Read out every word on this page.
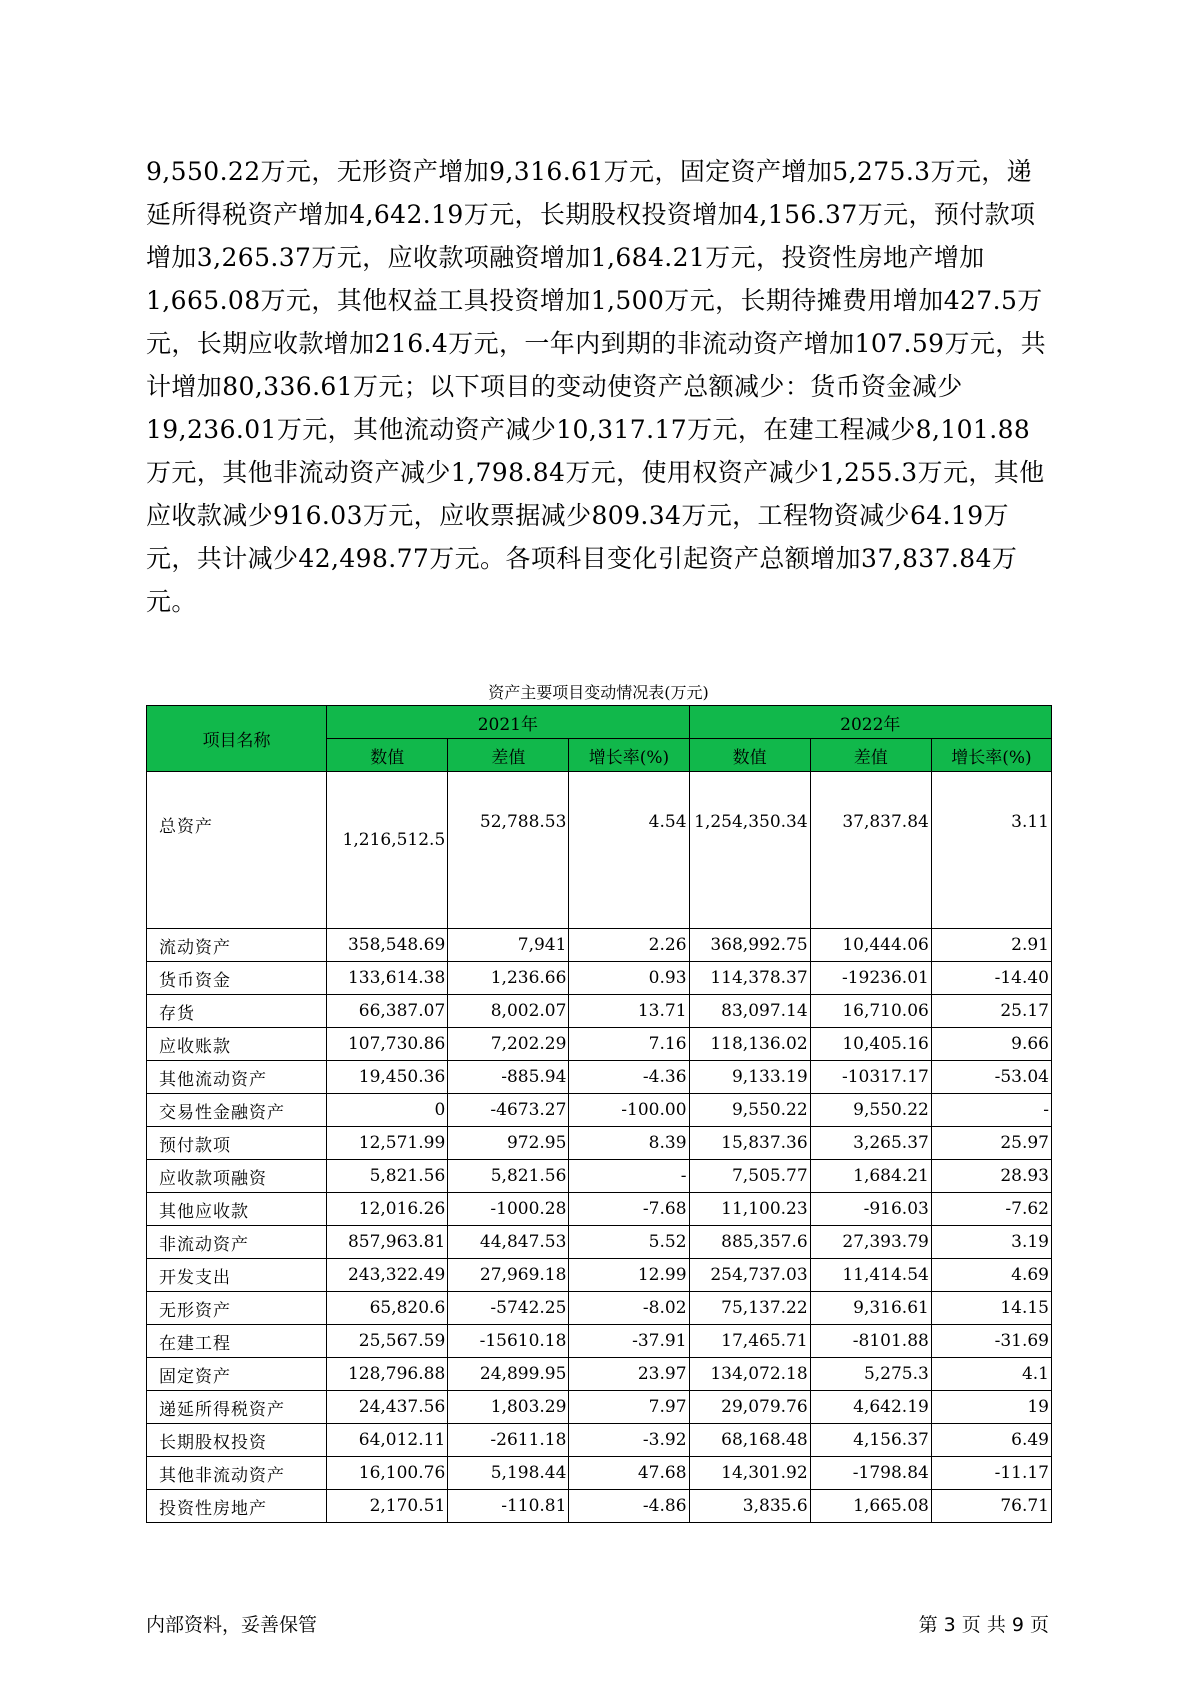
9,550.22万元，无形资产增加9,316.61万元，固定资产增加5,275.3万元，递延所得税资产增加4,642.19万元，长期股权投资增加4,156.37万元，预付款项增加3,265.37万元，应收款项融资增加1,684.21万元，投资性房地产增加1,665.08万元，其他权益工具投资增加1,500万元，长期待摊费用增加427.5万元，长期应收款增加216.4万元，一年内到期的非流动资产增加107.59万元，共计增加80,336.61万元；以下项目的变动使资产总额减少：货币资金减少19,236.01万元，其他流动资产减少10,317.17万元，在建工程减少8,101.88万元，其他非流动资产减少1,798.84万元，使用权资产减少1,255.3万元，其他应收款减少916.03万元，应收票据减少809.34万元，工程物资减少64.19万元，共计减少42,498.77万元。各项科目变化引起资产总额增加37,837.84万元。

资产主要项目变动情况表(万元)
项目名称	2021年			2022年		
	数值	差值	增长率(%)	数值	差值	增长率(%)
总资产	1,216,512.5	52,788.53	4.54	1,254,350.34	37,837.84	3.11
流动资产	358,548.69	7,941	2.26	368,992.75	10,444.06	2.91
货币资金	133,614.38	1,236.66	0.93	114,378.37	-19236.01	-14.40
存货	66,387.07	8,002.07	13.71	83,097.14	16,710.06	25.17
应收账款	107,730.86	7,202.29	7.16	118,136.02	10,405.16	9.66
其他流动资产	19,450.36	-885.94	-4.36	9,133.19	-10317.17	-53.04
交易性金融资产	0	-4673.27	-100.00	9,550.22	9,550.22	-
预付款项	12,571.99	972.95	8.39	15,837.36	3,265.37	25.97
应收款项融资	5,821.56	5,821.56	-	7,505.77	1,684.21	28.93
其他应收款	12,016.26	-1000.28	-7.68	11,100.23	-916.03	-7.62
非流动资产	857,963.81	44,847.53	5.52	885,357.6	27,393.79	3.19
开发支出	243,322.49	27,969.18	12.99	254,737.03	11,414.54	4.69
无形资产	65,820.6	-5742.25	-8.02	75,137.22	9,316.61	14.15
在建工程	25,567.59	-15610.18	-37.91	17,465.71	-8101.88	-31.69
固定资产	128,796.88	24,899.95	23.97	134,072.18	5,275.3	4.1
递延所得税资产	24,437.56	1,803.29	7.97	29,079.76	4,642.19	19
长期股权投资	64,012.11	-2611.18	-3.92	68,168.48	4,156.37	6.49
其他非流动资产	16,100.76	5,198.44	47.68	14,301.92	-1798.84	-11.17
投资性房地产	2,170.51	-110.81	-4.86	3,835.6	1,665.08	76.71
内部资料，妥善保管	第 3 页 共 9 页
